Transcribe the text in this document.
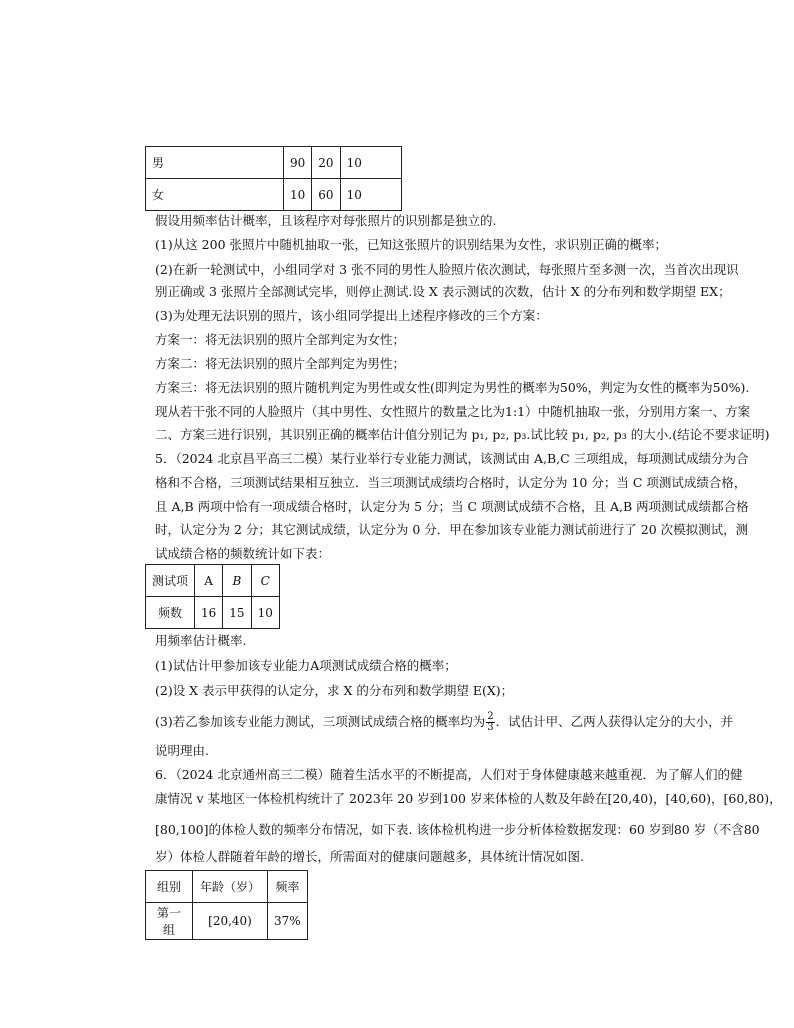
男	90	20	10
女	10	60	10
假设用频率估计概率，且该程序对每张照片的识别都是独立的.
(1)从这 200 张照片中随机抽取一张，已知这张照片的识别结果为女性，求识别正确的概率；
(2)在新一轮测试中，小组同学对 3 张不同的男性人脸照片依次测试，每张照片至多测一次，当首次出现识
别正确或 3 张照片全部测试完毕，则停止测试.设 X 表示测试的次数，估计 X 的分布列和数学期望 EX；
(3)为处理无法识别的照片，该小组同学提出上述程序修改的三个方案：
方案一：将无法识别的照片全部判定为女性；
方案二：将无法识别的照片全部判定为男性；
方案三：将无法识别的照片随机判定为男性或女性(即判定为男性的概率为50%，判定为女性的概率为50%).
现从若干张不同的人脸照片（其中男性、女性照片的数量之比为1:1）中随机抽取一张，分别用方案一、方案
二、方案三进行识别，其识别正确的概率估计值分别记为 p₁, p₂, p₃.试比较 p₁, p₂, p₃ 的大小.(结论不要求证明)
5．（2024 北京昌平高三二模）某行业举行专业能力测试，该测试由 A,B,C 三项组成，每项测试成绩分为合
格和不合格，三项测试结果相互独立．当三项测试成绩均合格时，认定分为 10 分；当 C 项测试成绩合格，
且 A,B 两项中恰有一项成绩合格时，认定分为 5 分；当 C 项测试成绩不合格，且 A,B 两项测试成绩都合格
时，认定分为 2 分；其它测试成绩，认定分为 0 分．甲在参加该专业能力测试前进行了 20 次模拟测试，测
试成绩合格的频数统计如下表：
测试项	A	B	C
频数	16	15	10
用频率估计概率.
(1)试估计甲参加该专业能力A项测试成绩合格的概率；
(2)设 X 表示甲获得的认定分，求 X 的分布列和数学期望 E(X)；
(3)若乙参加该专业能力测试，三项测试成绩合格的概率均为 $\frac{2}{3}$ ．试估计甲、乙两人获得认定分的大小，并
说明理由.
6．（2024 北京通州高三二模）随着生活水平的不断提高，人们对于身体健康越来越重视．为了解人们的健
康情况 v 某地区一体检机构统计了 2023年 20 岁到100 岁来体检的人数及年龄在[20,40)，[40,60)，[60,80)，
[80,100]的体检人数的频率分布情况，如下表. 该体检机构进一步分析体检数据发现：60 岁到80 岁（不含80
岁）体检人群随着年龄的增长，所需面对的健康问题越多，具体统计情况如图.
组别	年龄（岁）	频率
第一组	[20,40)	37%
